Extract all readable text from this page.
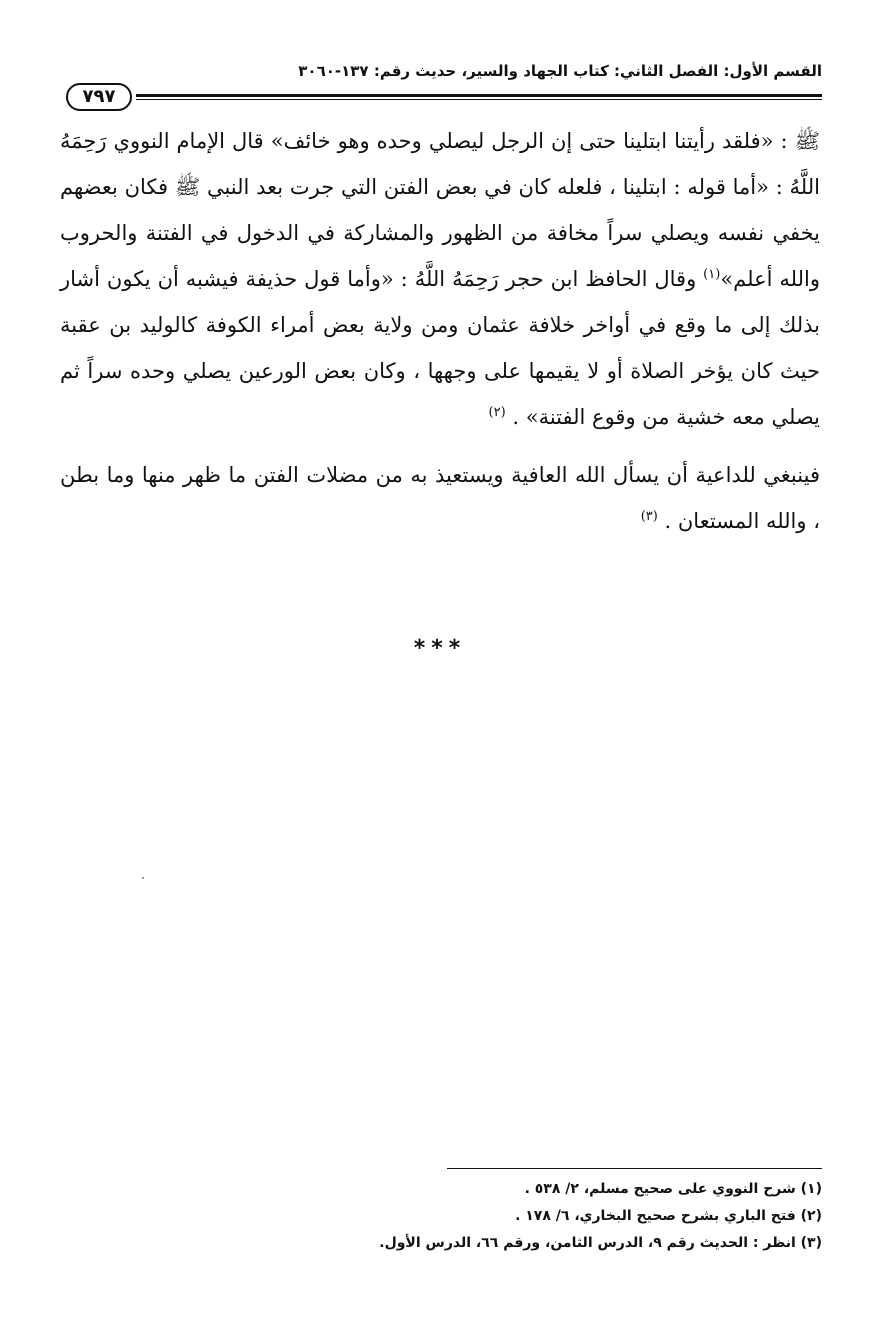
القسم الأول: الفصل الثاني: كتاب الجهاد والسير، حديث رقم: ١٣٧-٣٠٦٠
٧٩٧

ﷺ : «فلقد رأيتنا ابتلينا حتى إن الرجل ليصلي وحده وهو خائف» قال الإمام النووي رَحِمَهُ اللَّهُ : «أما قوله : ابتلينا ، فلعله كان في بعض الفتن التي جرت بعد النبي ﷺ فكان بعضهم يخفي نفسه ويصلي سراً مخافة من الظهور والمشاركة في الدخول في الفتنة والحروب والله أعلم»$^{(١)}$ وقال الحافظ ابن حجر رَحِمَهُ اللَّهُ : «وأما قول حذيفة فيشبه أن يكون أشار بذلك إلى ما وقع في أواخر خلافة عثمان ومن ولاية بعض أمراء الكوفة كالوليد بن عقبة حيث كان يؤخر الصلاة أو لا يقيمها على وجهها ، وكان بعض الورعين يصلي وحده سراً ثم يصلي معه خشية من وقوع الفتنة» . $^{(٢)}$

فينبغي للداعية أن يسأل الله العافية ويستعيذ به من مضلات الفتن ما ظهر منها وما بطن ، والله المستعان . $^{(٣)}$

***
(١) شرح النووي على صحيح مسلم، ٢/ ٥٣٨ .
(٢) فتح الباري بشرح صحيح البخاري، ٦/ ١٧٨ .
(٣) انظر : الحديث رقم ٩، الدرس الثامن، ورقم ٦٦، الدرس الأول.
